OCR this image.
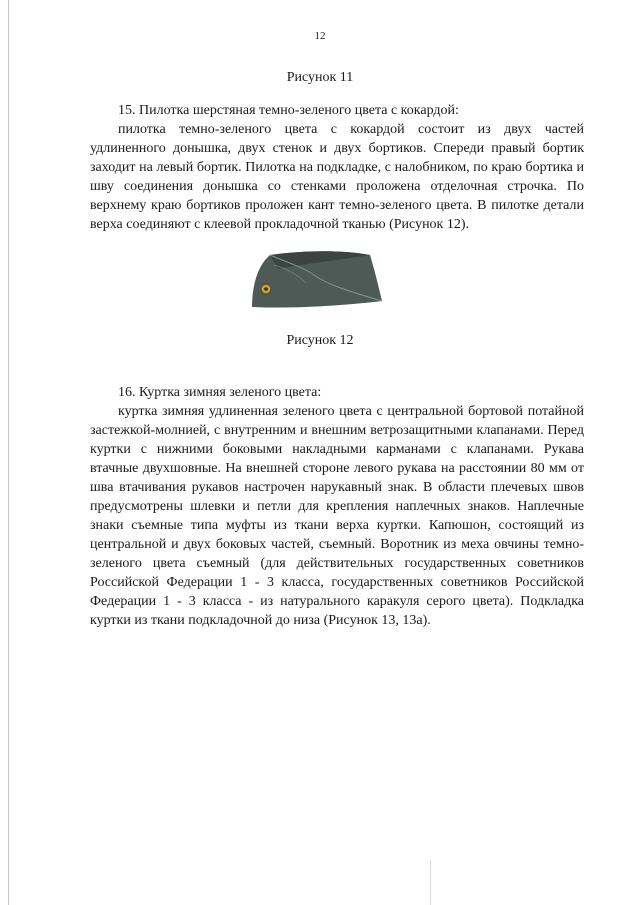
12
Рисунок 11
15. Пилотка шерстяная темно-зеленого цвета с кокардой:
пилотка темно-зеленого цвета с кокардой состоит из двух частей удлиненного донышка, двух стенок и двух бортиков. Спереди правый бортик заходит на левый бортик. Пилотка на подкладке, с налобником, по краю бортика и шву соединения донышка со стенками проложена отделочная строчка. По верхнему краю бортиков проложен кант темно-зеленого цвета. В пилотке детали верха соединяют с клеевой прокладочной тканью (Рисунок 12).
Рисунок 12
16. Куртка зимняя зеленого цвета:
куртка зимняя удлиненная зеленого цвета с центральной бортовой потайной застежкой-молнией, с внутренним и внешним ветрозащитными клапанами. Перед куртки с нижними боковыми накладными карманами с клапанами. Рукава втачные двухшовные. На внешней стороне левого рукава на расстоянии 80 мм от шва втачивания рукавов настрочен нарукавный знак. В области плечевых швов предусмотрены шлевки и петли для крепления наплечных знаков. Наплечные знаки съемные типа муфты из ткани верха куртки. Капюшон, состоящий из центральной и двух боковых частей, съемный. Воротник из меха овчины темно-зеленого цвета съемный (для действительных государственных советников Российской Федерации 1 - 3 класса, государственных советников Российской Федерации 1 - 3 класса - из натурального каракуля серого цвета). Подкладка куртки из ткани подкладочной до низа (Рисунок 13, 13а).
